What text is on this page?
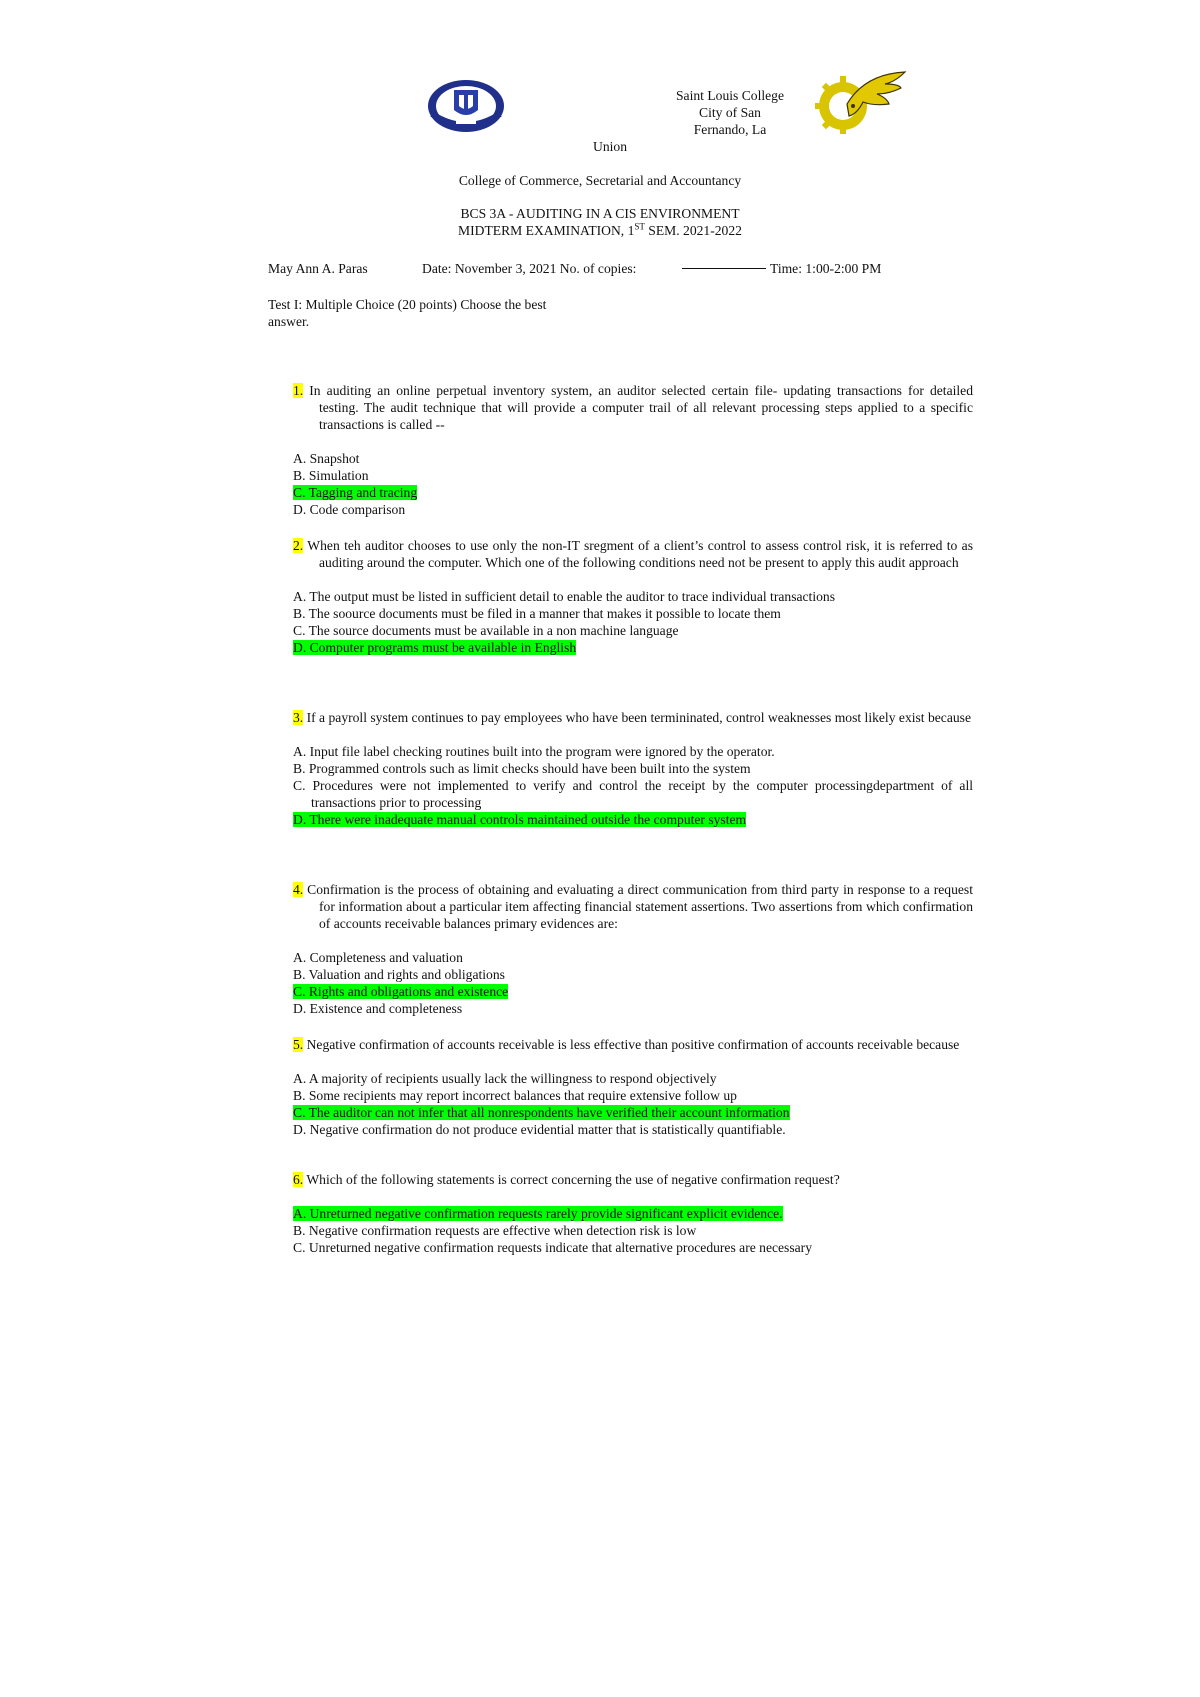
Saint Louis College
City of San
Fernando, La
Union
College of Commerce, Secretarial and Accountancy
BCS 3A - AUDITING IN A CIS ENVIRONMENT
MIDTERM EXAMINATION, 1ST SEM. 2021-2022
May Ann A. Paras	Date: November 3, 2021 No. of copies:	Time: 1:00-2:00 PM
Test I: Multiple Choice (20 points) Choose the best
answer.
1. In auditing an online perpetual inventory system, an auditor selected certain file- updating transactions for detailed testing. The audit technique that will provide a computer trail of all relevant processing steps applied to a specific transactions is called --
A. Snapshot
B. Simulation
C. Tagging and tracing
D. Code comparison
2. When teh auditor chooses to use only the non-IT sregment of a client’s control to assess control risk, it is referred to as auditing around the computer. Which one of the following conditions need not be present to apply this audit approach
A. The output must be listed in sufficient detail to enable the auditor to trace individual transactions
B. The soource documents must be filed in a manner that makes it possible to locate them
C. The source documents must be available in a non machine language
D. Computer programs must be available in English
3. If a payroll system continues to pay employees who have been termininated, control weaknesses most likely exist because
A. Input file label checking routines built into the program were ignored by the operator.
B. Programmed controls such as limit checks should have been built into the system
C. Procedures were not implemented to verify and control the receipt by the computer processingdepartment of all transactions prior to processing
D. There were inadequate manual controls maintained outside the computer system
4. Confirmation is the process of obtaining and evaluating a direct communication from third party in response to a request for information about a particular item affecting financial statement assertions. Two assertions from which confirmation of accounts receivable balances primary evidences are:
A. Completeness and valuation
B. Valuation and rights and obligations
C. Rights and obligations and existence
D. Existence and completeness
5. Negative confirmation of accounts receivable is less effective than positive confirmation of accounts receivable because
A. A majority of recipients usually lack the willingness to respond objectively
B. Some recipients may report incorrect balances that require extensive follow up
C. The auditor can not infer that all nonrespondents have verified their account information
D. Negative confirmation do not produce evidential matter that is statistically quantifiable.
6. Which of the following statements is correct concerning the use of negative confirmation request?
A. Unreturned negative confirmation requests rarely provide significant explicit evidence.
B. Negative confirmation requests are effective when detection risk is low
C. Unreturned negative confirmation requests indicate that alternative procedures are necessary
